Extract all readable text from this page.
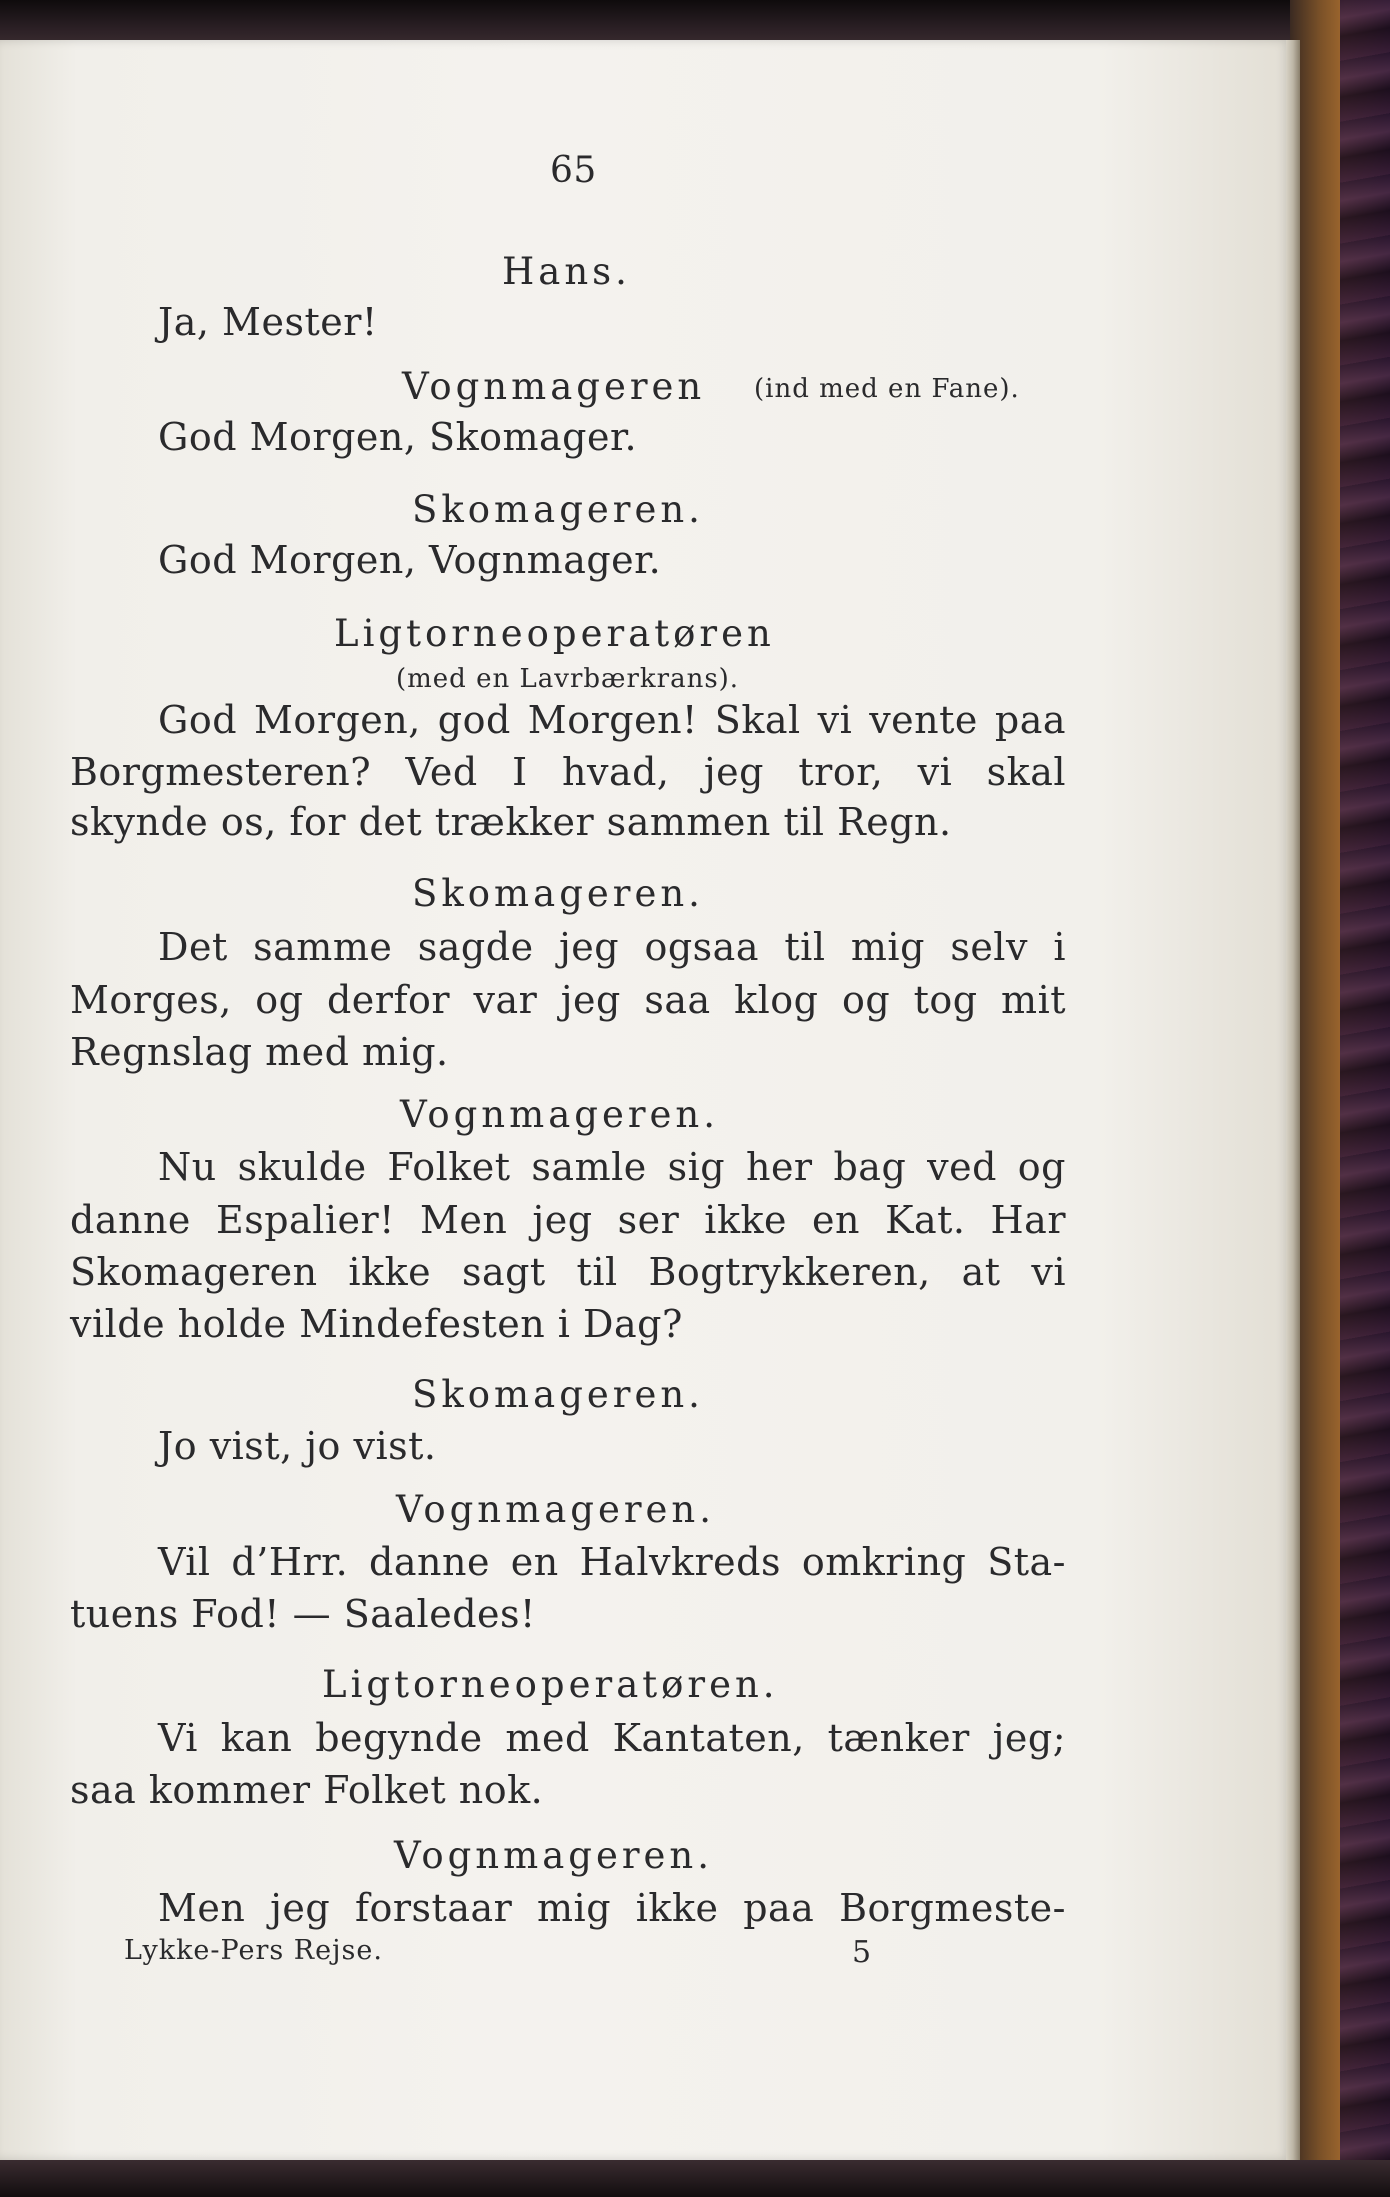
65
Hans.
Ja, Mester!
Vognmageren (ind med en Fane).
God Morgen, Skomager.
Skomageren.
God Morgen, Vognmager.
Ligtorneoperatøren
(med en Lavrbærkrans).
God Morgen, god Morgen! Skal vi vente paa
Borgmesteren? Ved I hvad, jeg tror, vi skal
skynde os, for det trækker sammen til Regn.
Skomageren.
Det samme sagde jeg ogsaa til mig selv i
Morges, og derfor var jeg saa klog og tog mit
Regnslag med mig.
Vognmageren.
Nu skulde Folket samle sig her bag ved og
danne Espalier! Men jeg ser ikke en Kat. Har
Skomageren ikke sagt til Bogtrykkeren, at vi
vilde holde Mindefesten i Dag?
Skomageren.
Jo vist, jo vist.
Vognmageren.
Vil d’Hrr. danne en Halvkreds omkring Sta-
tuens Fod! — Saaledes!
Ligtorneoperatøren.
Vi kan begynde med Kantaten, tænker jeg;
saa kommer Folket nok.
Vognmageren.
Men jeg forstaar mig ikke paa Borgmeste-
Lykke-Pers Rejse.	5
